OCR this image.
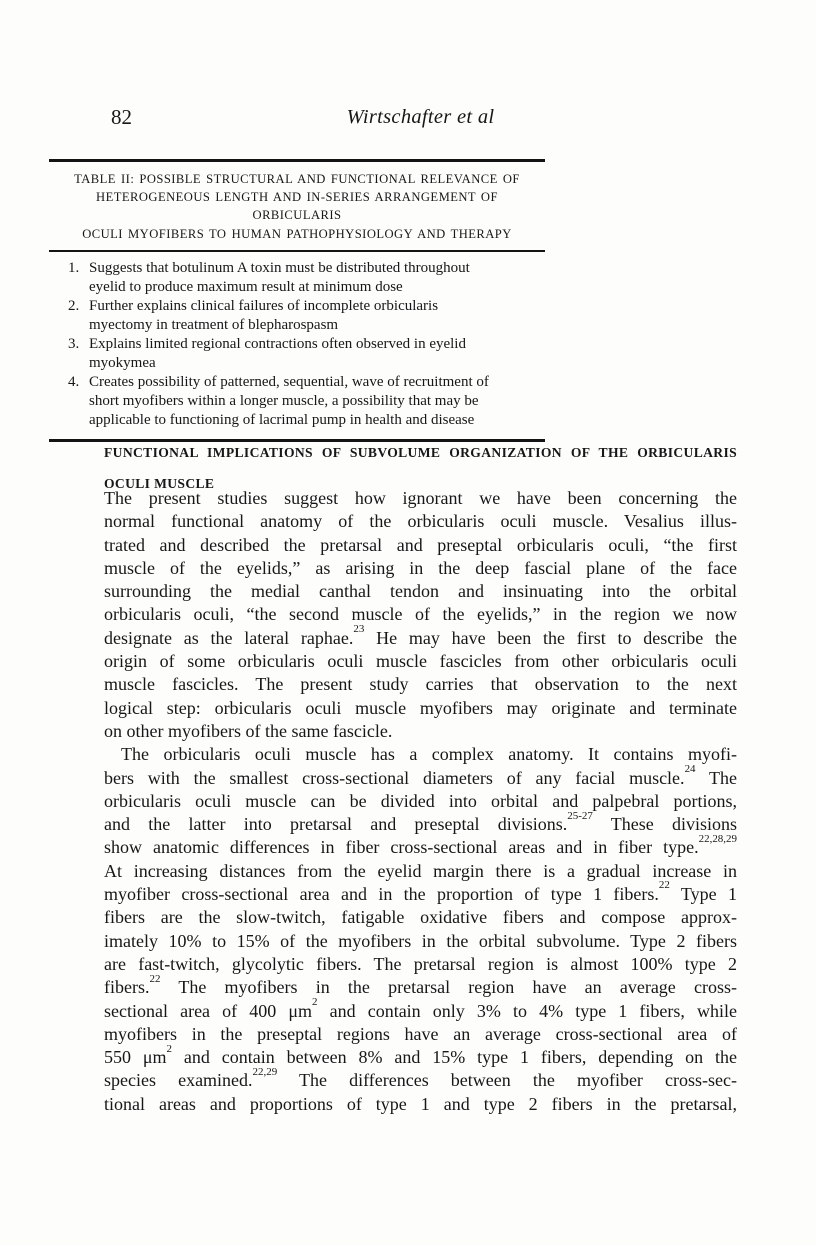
82	Wirtschafter et al
TABLE II: POSSIBLE STRUCTURAL AND FUNCTIONAL RELEVANCE OF
HETEROGENEOUS LENGTH AND IN-SERIES ARRANGEMENT OF ORBICULARIS
OCULI MYOFIBERS TO HUMAN PATHOPHYSIOLOGY AND THERAPY
1. Suggests that botulinum A toxin must be distributed throughout
eyelid to produce maximum result at minimum dose
2. Further explains clinical failures of incomplete orbicularis
myectomy in treatment of blepharospasm
3. Explains limited regional contractions often observed in eyelid
myokymea
4. Creates possibility of patterned, sequential, wave of recruitment of
short myofibers within a longer muscle, a possibility that may be
applicable to functioning of lacrimal pump in health and disease
FUNCTIONAL IMPLICATIONS OF SUBVOLUME ORGANIZATION OF THE ORBICULARIS
OCULI MUSCLE
The present studies suggest how ignorant we have been concerning the
normal functional anatomy of the orbicularis oculi muscle. Vesalius illus-
trated and described the pretarsal and preseptal orbicularis oculi, “the first
muscle of the eyelids,” as arising in the deep fascial plane of the face
surrounding the medial canthal tendon and insinuating into the orbital
orbicularis oculi, “the second muscle of the eyelids,” in the region we now
designate as the lateral raphae.$^{23}$ He may have been the first to describe the
origin of some orbicularis oculi muscle fascicles from other orbicularis oculi
muscle fascicles. The present study carries that observation to the next
logical step: orbicularis oculi muscle myofibers may originate and terminate
on other myofibers of the same fascicle.
The orbicularis oculi muscle has a complex anatomy. It contains myofi-
bers with the smallest cross-sectional diameters of any facial muscle.$^{24}$ The
orbicularis oculi muscle can be divided into orbital and palpebral portions,
and the latter into pretarsal and preseptal divisions.$^{25-27}$ These divisions
show anatomic differences in fiber cross-sectional areas and in fiber type.$^{22,28,29}$
At increasing distances from the eyelid margin there is a gradual increase in
myofiber cross-sectional area and in the proportion of type 1 fibers.$^{22}$ Type 1
fibers are the slow-twitch, fatigable oxidative fibers and compose approx-
imately 10% to 15% of the myofibers in the orbital subvolume. Type 2 fibers
are fast-twitch, glycolytic fibers. The pretarsal region is almost 100% type 2
fibers.$^{22}$ The myofibers in the pretarsal region have an average cross-
sectional area of 400 μm$^2$ and contain only 3% to 4% type 1 fibers, while
myofibers in the preseptal regions have an average cross-sectional area of
550 μm$^2$ and contain between 8% and 15% type 1 fibers, depending on the
species examined.$^{22,29}$ The differences between the myofiber cross-sec-
tional areas and proportions of type 1 and type 2 fibers in the pretarsal,
